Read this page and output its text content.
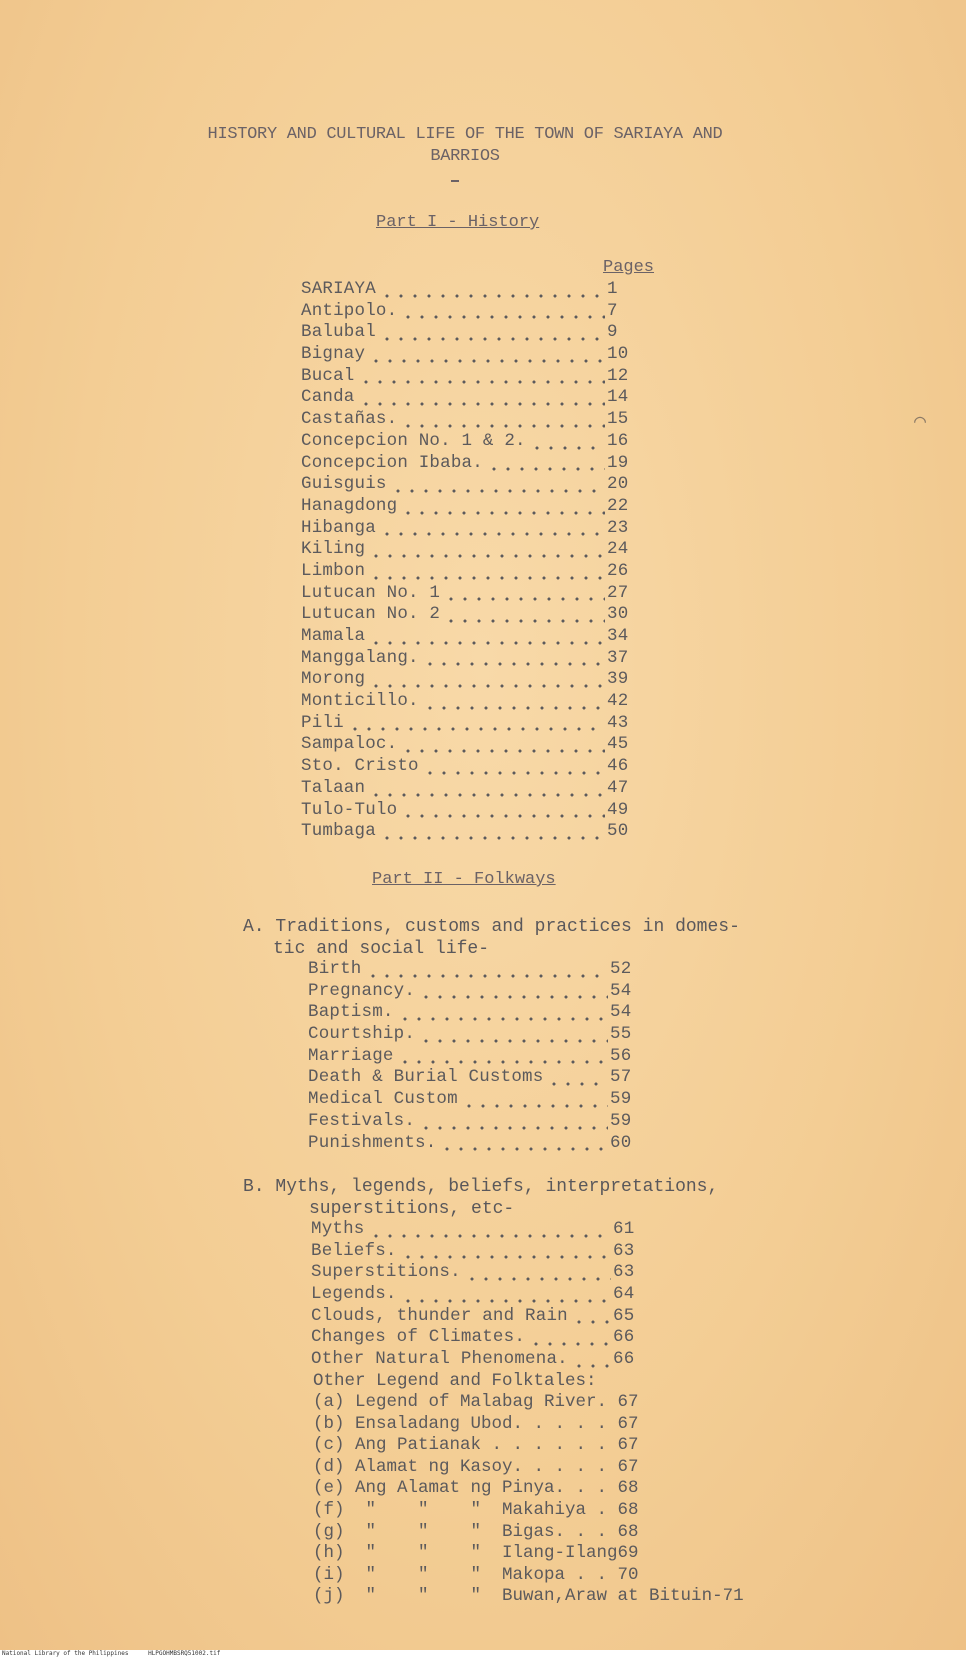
HISTORY AND CULTURAL LIFE OF THE TOWN OF SARIAYA AND
BARRIOS
Part I - History
Pages
SARIAYA	1
Antipolo.	7
Balubal	9
Bignay	10
Bucal	12
Canda	14
Castañas.	15
Concepcion No. 1 & 2.	16
Concepcion Ibaba.	19
Guisguis	20
Hanagdong	22
Hibanga	23
Kiling	24
Limbon	26
Lutucan No. 1	27
Lutucan No. 2	30
Mamala	34
Manggalang.	37
Morong	39
Monticillo.	42
Pili	43
Sampaloc.	45
Sto. Cristo	46
Talaan	47
Tulo-Tulo	49
Tumbaga	50
Part II - Folkways
A. Traditions, customs and practices in domes-
tic and social life-
Birth	52
Pregnancy.	54
Baptism.	54
Courtship.	55
Marriage	56
Death & Burial Customs	57
Medical Custom	59
Festivals.	59
Punishments.	60
B. Myths, legends, beliefs, interpretations,
superstitions, etc-
Myths	61
Beliefs.	63
Superstitions.	63
Legends.	64
Clouds, thunder and Rain	65
Changes of Climates.	66
Other Natural Phenomena.	66
Other Legend and Folktales:
(a) Legend of Malabag River. 67
(b) Ensaladang Ubod. . . . . 67
(c) Ang Patianak . . . . . . 67
(d) Alamat ng Kasoy. . . . . 67
(e) Ang Alamat ng Pinya. . . 68
(f)  "    "    "  Makahiya . 68
(g)  "    "    "  Bigas. . . 68
(h)  "    "    "  Ilang-Ilang69
(i)  "    "    "  Makopa . . 70
(j)  "    "    "  Buwan,Araw at Bituin-71
⌒
National Library of the Philippines	HLPGOHMBSRQ51002.tif
